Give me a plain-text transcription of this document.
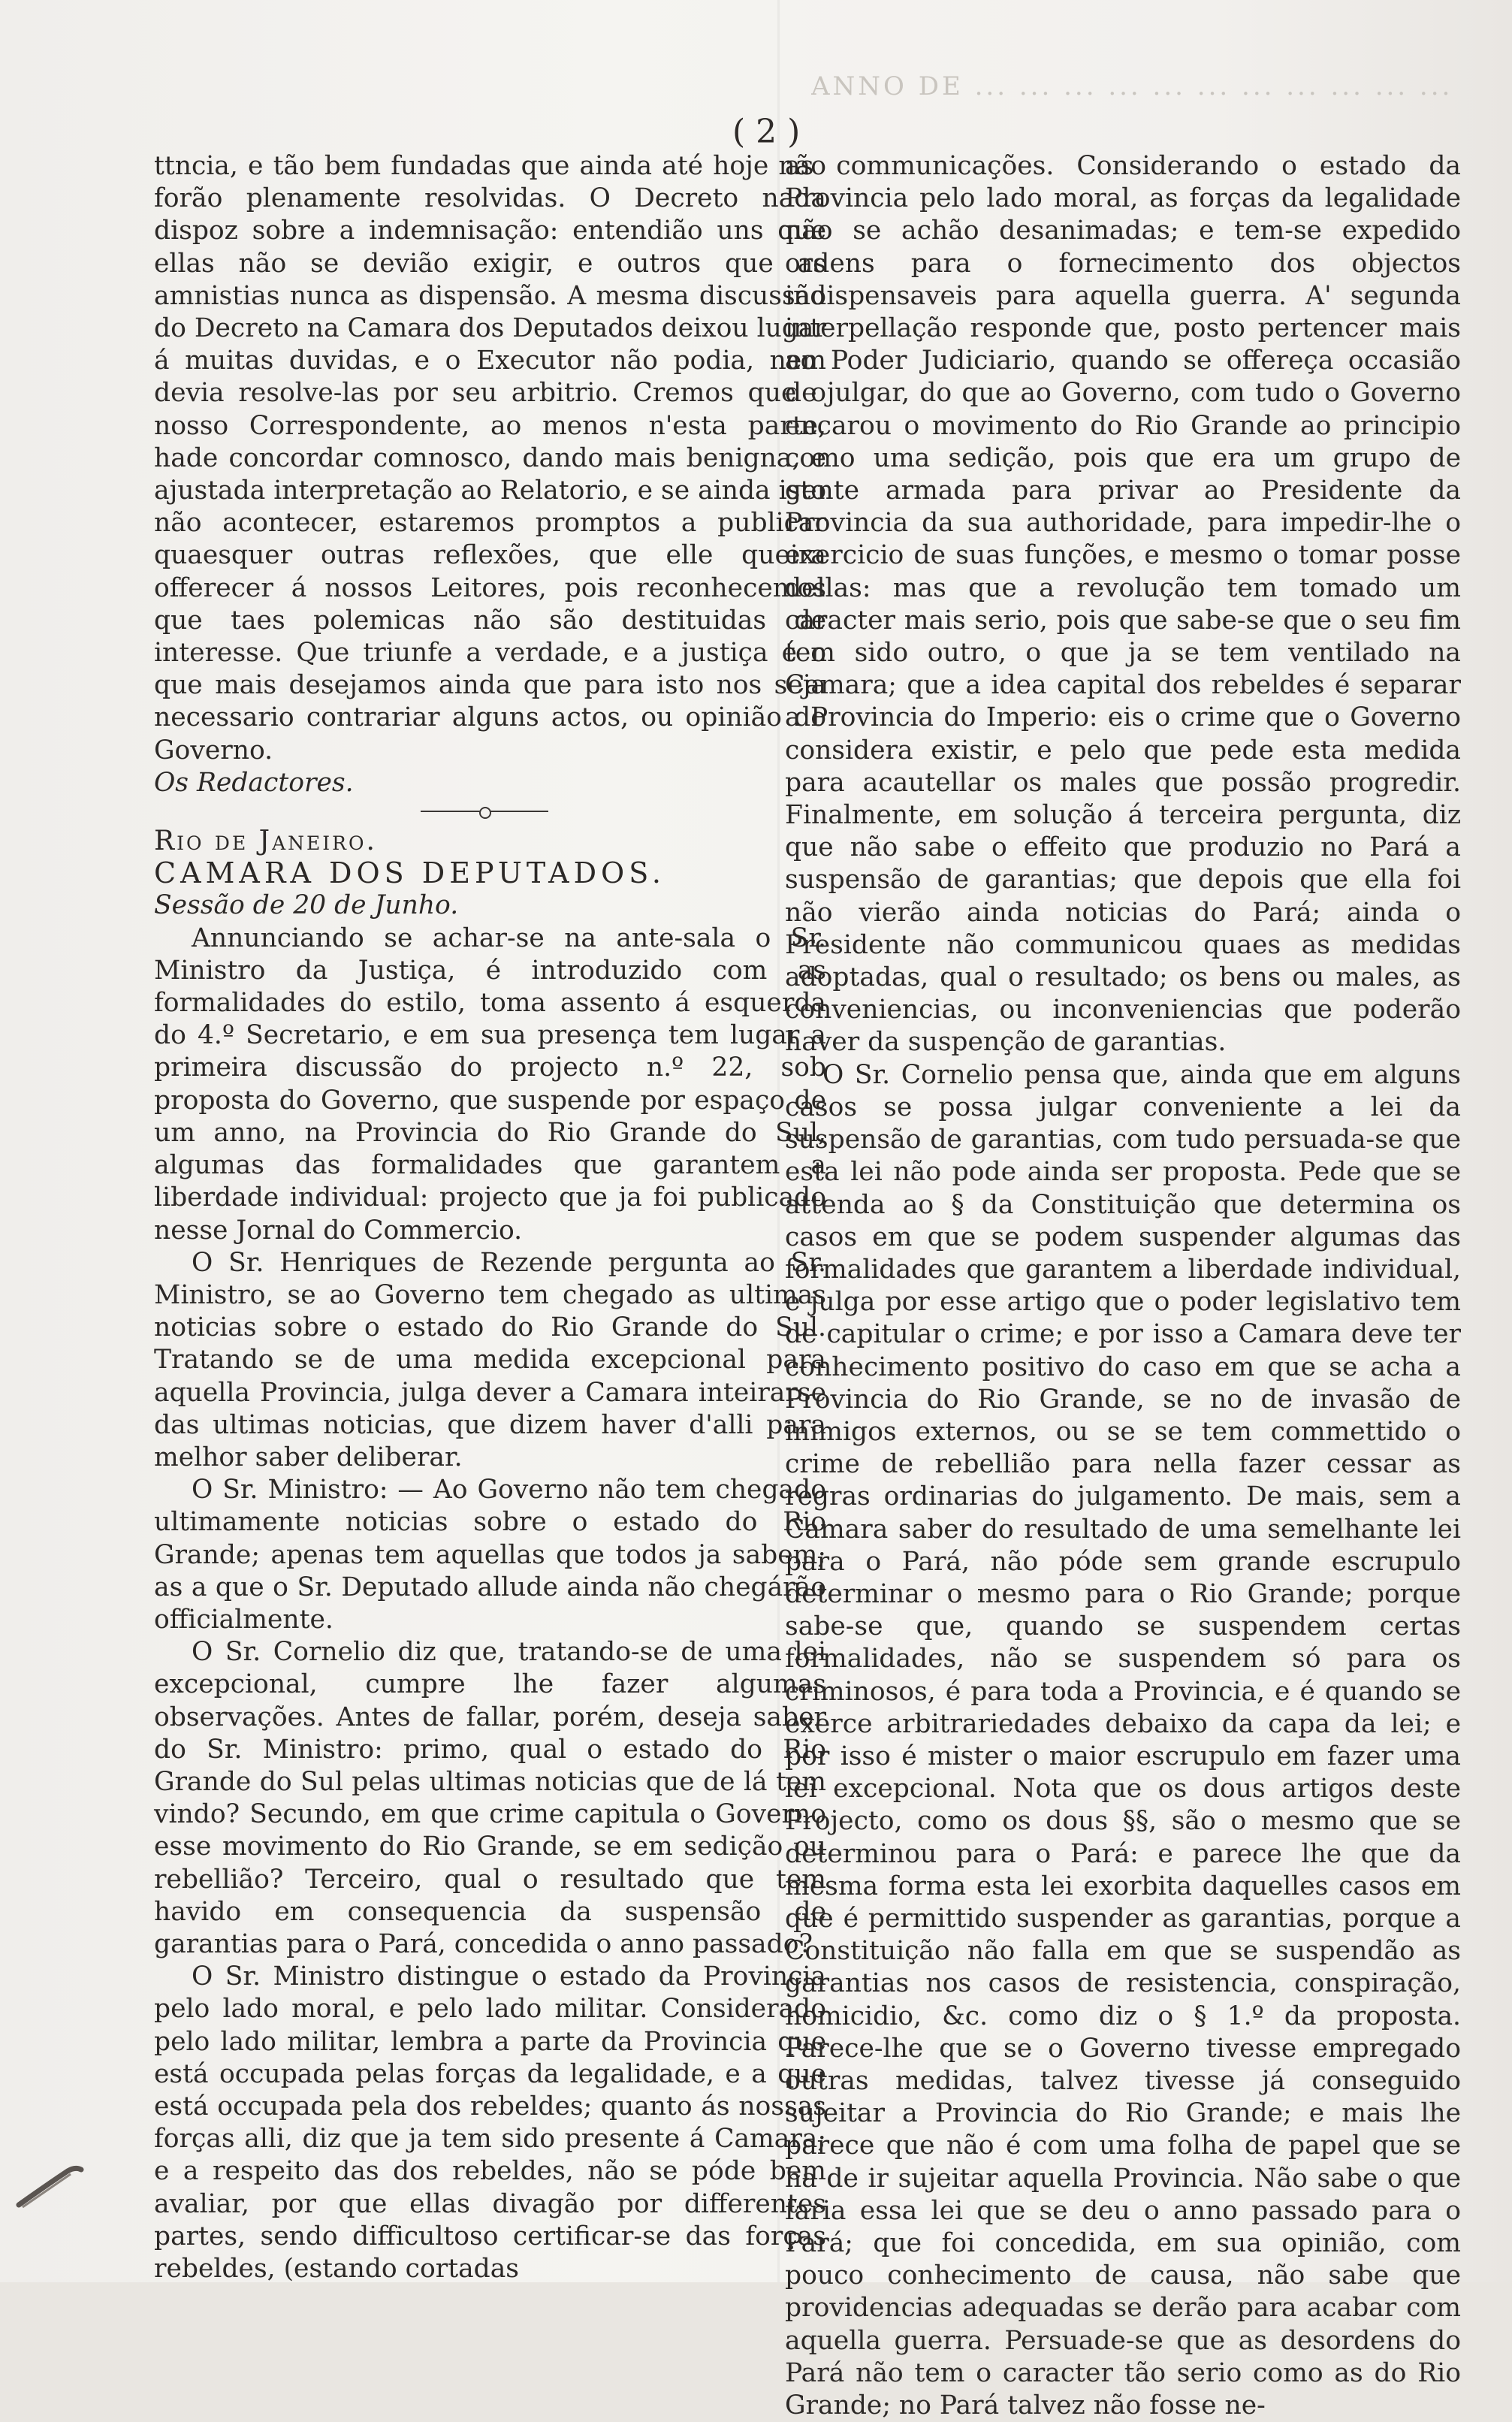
ANNO DE ... ... ... ... ... ... ... ... ... ... ...
( 2 )

ttncia, e tão bem fundadas que ainda até hoje não forão plenamente resolvidas. O Decreto nada dispoz sobre a indemnisação: entendião uns que ellas não se devião exigir, e outros que as amnistias nunca as dispensão. A mesma discussão do Decreto na Camara dos Deputados deixou lugar á muitas duvidas, e o Executor não podia, nem devia resolve-las por seu arbitrio. Cremos que o nosso Correspondente, ao menos n'esta parte, hade concordar comnosco, dando mais benigna, e ajustada interpretação ao Relatorio, e se ainda isto não acontecer, estaremos promptos a publicar quaesquer outras reflexões, que elle queira offerecer á nossos Leitores, pois reconhecemos que taes polemicas não são destituidas de interesse. Que triunfe a verdade, e a justiça é o que mais desejamos ainda que para isto nos seja necessario contrariar alguns actos, ou opinião do Governo.

Os Redactores.

Rio de Janeiro.

CAMARA DOS DEPUTADOS.

Sessão de 20 de Junho.

Annunciando se achar-se na ante-sala o Sr. Ministro da Justiça, é introduzido com as formalidades do estilo, toma assento á esquerda do 4.º Secretario, e em sua presença tem lugar a primeira discussão do projecto n.º 22, sob proposta do Governo, que suspende por espaço de um anno, na Provincia do Rio Grande do Sul, algumas das formalidades que garantem a liberdade individual: projecto que ja foi publicado nesse Jornal do Commercio.

O Sr. Henriques de Rezende pergunta ao Sr. Ministro, se ao Governo tem chegado as ultimas noticias sobre o estado do Rio Grande do Sul. Tratando se de uma medida excepcional para aquella Provincia, julga dever a Camara inteirarse das ultimas noticias, que dizem haver d'alli para melhor saber deliberar.

O Sr. Ministro: — Ao Governo não tem chegado ultimamente noticias sobre o estado do Rio Grande; apenas tem aquellas que todos ja sabem; as a que o Sr. Deputado allude ainda não chegárão officialmente.

O Sr. Cornelio diz que, tratando-se de uma lei excepcional, cumpre lhe fazer algumas observações. Antes de fallar, porém, deseja saber do Sr. Ministro: primo, qual o estado do Rio Grande do Sul pelas ultimas noticias que de lá tem vindo? Secundo, em que crime capitula o Governo esse movimento do Rio Grande, se em sedição ou rebellião? Terceiro, qual o resultado que tem havido em consequencia da suspensão de garantias para o Pará, concedida o anno passado?

O Sr. Ministro distingue o estado da Provincia pelo lado moral, e pelo lado militar. Considerado pelo lado militar, lembra a parte da Provincia que está occupada pelas forças da legalidade, e a que está occupada pela dos rebeldes; quanto ás nossas forças alli, diz que ja tem sido presente á Camara; e a respeito das dos rebeldes, não se póde bem avaliar, por que ellas divagão por differentes partes, sendo difficultoso certificar-se das forças rebeldes, (estando cortadas

as communicações. Considerando o estado da Provincia pelo lado moral, as forças da legalidade não se achão desanimadas; e tem-se expedido ordens para o fornecimento dos objectos indispensaveis para aquella guerra. A' segunda interpellação responde que, posto pertencer mais ao Poder Judiciario, quando se offereça occasião de julgar, do que ao Governo, com tudo o Governo encarou o movimento do Rio Grande ao principio como uma sedição, pois que era um grupo de gente armada para privar ao Presidente da Provincia da sua authoridade, para impedir-lhe o exercicio de suas funções, e mesmo o tomar posse dellas: mas que a revolução tem tomado um caracter mais serio, pois que sabe-se que o seu fim tem sido outro, o que ja se tem ventilado na Camara; que a idea capital dos rebeldes é separar a Provincia do Imperio: eis o crime que o Governo considera existir, e pelo que pede esta medida para acautellar os males que possão progredir. Finalmente, em solução á terceira pergunta, diz que não sabe o effeito que produzio no Pará a suspensão de garantias; que depois que ella foi não vierão ainda noticias do Pará; ainda o Presidente não communicou quaes as medidas adoptadas, qual o resultado; os bens ou males, as conveniencias, ou inconveniencias que poderão haver da suspenção de garantias.

O Sr. Cornelio pensa que, ainda que em alguns casos se possa julgar conveniente a lei da suspensão de garantias, com tudo persuada-se que esta lei não pode ainda ser proposta. Pede que se attenda ao § da Constituição que determina os casos em que se podem suspender algumas das formalidades que garantem a liberdade individual, e julga por esse artigo que o poder legislativo tem de capitular o crime; e por isso a Camara deve ter conhecimento positivo do caso em que se acha a Provincia do Rio Grande, se no de invasão de inimigos externos, ou se se tem commettido o crime de rebellião para nella fazer cessar as regras ordinarias do julgamento. De mais, sem a Camara saber do resultado de uma semelhante lei para o Pará, não póde sem grande escrupulo determinar o mesmo para o Rio Grande; porque sabe-se que, quando se suspendem certas formalidades, não se suspendem só para os criminosos, é para toda a Provincia, e é quando se exerce arbitrariedades debaixo da capa da lei; e por isso é mister o maior escrupulo em fazer uma lei excepcional. Nota que os dous artigos deste Projecto, como os dous §§, são o mesmo que se determinou para o Pará: e parece lhe que da mesma forma esta lei exorbita daquelles casos em que é permittido suspender as garantias, porque a Constituição não falla em que se suspendão as garantias nos casos de resistencia, conspiração, homicidio, &c. como diz o § 1.º da proposta. Parece-lhe que se o Governo tivesse empregado outras medidas, talvez tivesse já conseguido sujeitar a Provincia do Rio Grande; e mais lhe parece que não é com uma folha de papel que se ha de ir sujeitar aquella Provincia. Não sabe o que faria essa lei que se deu o anno passado para o Pará; que foi concedida, em sua opinião, com pouco conhecimento de causa, não sabe que providencias adequadas se derão para acabar com aquella guerra. Persuade-se que as desordens do Pará não tem o caracter tão serio como as do Rio Grande; no Pará talvez não fosse ne-
